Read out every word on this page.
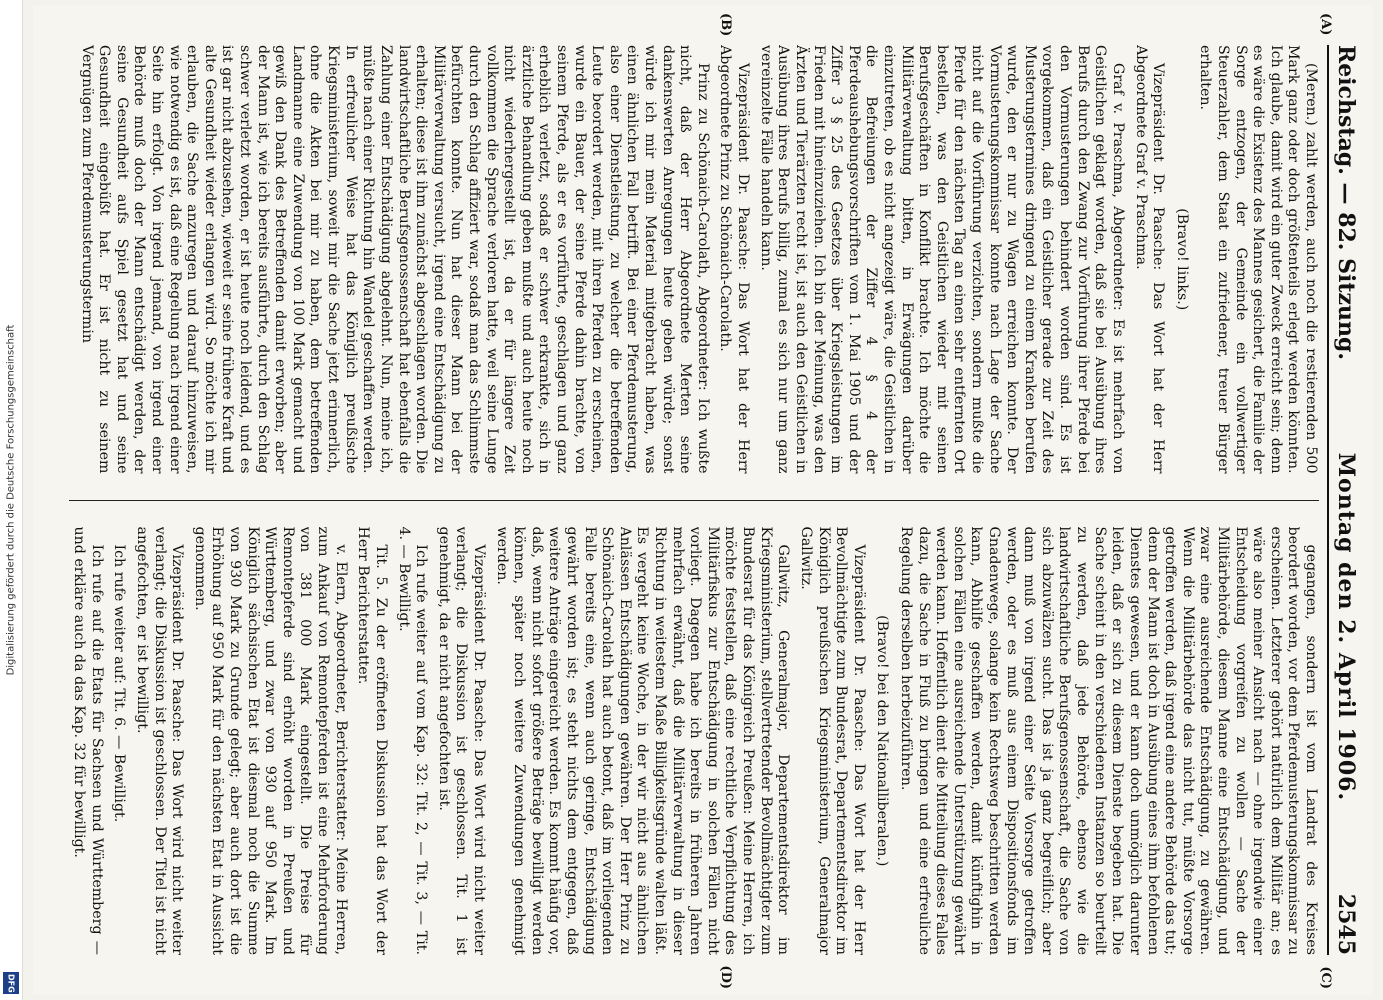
Digitalisierung gefördert durch die Deutsche Forschungsgemeinschaft
DFG
Reichstag. — 82. Sitzung.
Montag den 2. April 1906.
2545

(Meren.) zahlt werden, auch noch die restierenden 500 Mark ganz oder doch größtenteils erlegt werden könnten. Ich glaube, damit wird ein guter Zweck erreicht sein; denn es wäre die Existenz des Mannes gesichert, die Familie der Sorge entzogen, der Gemeinde ein vollwertiger Steuerzahler, dem Staat ein zufriedener, treuer Bürger erhalten.

(Bravo! links.)

Vizepräsident Dr. Paasche: Das Wort hat der Herr Abgeordnete Graf v. Praschma.

Graf v. Praschma, Abgeordneter: Es ist mehrfach von Geistlichen geklagt worden, daß sie bei Ausübung ihres Berufs durch den Zwang zur Vorführung ihrer Pferde bei den Vormusterungen behindert worden sind. Es ist vorgekommen, daß ein Geistlicher gerade zur Zeit des Musterungstermines dringend zu einem Kranken berufen wurde, den er nur zu Wagen erreichen konnte. Der Vormusterungskommissar konnte nach Lage der Sache nicht auf die Vorführung verzichten, sondern mußte die Pferde für den nächsten Tag an einen sehr entfernten Ort bestellen, was den Geistlichen wieder mit seinen Berufsgeschäften in Konflikt brachte. Ich möchte die Militärverwaltung bitten, in Erwägungen darüber einzutreten, ob es nicht angezeigt wäre, die Geistlichen in die Befreiungen der Ziffer 4 § 4 der Pferdeaushebungsvorschriften vom 1. Mai 1905 und der Ziffer 3 § 25 des Gesetzes über Kriegsleistungen im Frieden mit hineinzuziehen. Ich bin der Meinung, was den Ärzten und Tierärzten recht ist, ist auch den Geistlichen in Ausübung ihres Berufs billig, zumal es sich nur um ganz vereinzelte Fälle handeln kann.

Vizepräsident Dr. Paasche: Das Wort hat der Herr Abgeordnete Prinz zu Schönaich-Carolath.

Prinz zu Schönaich-Carolath, Abgeordneter: Ich wußte nicht, daß der Herr Abgeordnete Merten seine dankenswerten Anregungen heute geben würde; sonst würde ich mir mein Material mitgebracht haben, was einen ähnlichen Fall betrifft. Bei einer Pferdemusterung, also einer Dienstleistung, zu welcher die betreffenden Leute beordert werden, mit ihren Pferden zu erscheinen, wurde ein Bauer, der seine Pferde dahin brachte, von seinem Pferde, als er es vorführte, geschlagen und ganz erheblich verletzt, sodaß er schwer erkrankte, sich in ärztliche Behandlung geben mußte und auch heute noch nicht wiederhergestellt ist, da er für längere Zeit vollkommen die Sprache verloren hatte, weil seine Lunge durch den Schlag affiziert war, sodaß man das Schlimmste befürchten konnte. Nun hat dieser Mann bei der Militärverwaltung versucht, irgend eine Entschädigung zu erhalten; diese ist ihm zunächst abgeschlagen worden. Die landwirtschaftliche Berufsgenossenschaft hat ebenfalls die Zahlung einer Entschädigung abgelehnt. Nun, meine ich, müßte nach einer Richtung hin Wandel geschaffen werden. In erfreulicher Weise hat das Königlich preußische Kriegsministerium, soweit mir die Sache jetzt erinnerlich, ohne die Akten bei mir zu haben, dem betreffenden Landmanne eine Zuwendung von 100 Mark gemacht und gewiß den Dank des Betreffenden damit erworben; aber der Mann ist, wie ich bereits ausführte, durch den Schlag schwer verletzt worden, er ist heute noch leidend, und es ist gar nicht abzusehen, wieweit er seine frühere Kraft und alte Gesundheit wieder erlangen wird. So möchte ich mir erlauben, die Sache anzuregen und darauf hinzuweisen, wie notwendig es ist, daß eine Regelung nach irgend einer Seite hin erfolgt. Von irgend jemand, von irgend einer Behörde muß doch der Mann entschädigt werden, der seine Gesundheit aufs Spiel gesetzt hat und seine Gesundheit eingebüßt hat. Er ist nicht zu seinem Vergnügen zum Pferdemusterungstermin

gegangen, sondern ist vom Landrat des Kreises beordert worden, vor dem Pferdemusterungskommissar zu erscheinen. Letzterer gehört natürlich dem Militär an; es wäre also meiner Ansicht nach — ohne irgendwie einer Entscheidung vorgreifen zu wollen — Sache der Militärbehörde, diesem Manne eine Entschädigung, und zwar eine ausreichende Entschädigung, zu gewähren. Wenn die Militärbehörde das nicht tut, müßte Vorsorge getroffen werden, daß irgend eine andere Behörde das tut; denn der Mann ist doch in Ausübung eines ihm befohlenen Dienstes gewesen, und er kann doch unmöglich darunter leiden, daß er sich zu diesem Dienste begeben hat. Die Sache scheint in den verschiedenen Instanzen so beurteilt zu werden, daß jede Behörde, ebenso wie die landwirtschaftliche Berufsgenossenschaft, die Sache von sich abzuwälzen sucht. Das ist ja ganz begreiflich; aber dann muß von irgend einer Seite Vorsorge getroffen werden, oder es muß aus einem Dispositionsfonds im Gnadenwege, solange kein Rechtsweg beschritten werden kann, Abhilfe geschaffen werden, damit künftighin in solchen Fällen eine ausreichende Unterstützung gewährt werden kann. Hoffentlich dient die Mitteilung dieses Falles dazu, die Sache in Fluß zu bringen und eine erfreuliche Regelung derselben herbeizuführen.

(Bravo! bei den Nationalliberalen.)

Vizepräsident Dr. Paasche: Das Wort hat der Herr Bevollmächtigte zum Bundesrat, Departementsdirektor im Königlich preußischen Kriegsministerium, Generalmajor Gallwitz.

Gallwitz, Generalmajor, Departementsdirektor im Kriegsministerium, stellvertretender Bevollmächtigter zum Bundesrat für das Königreich Preußen: Meine Herren, ich möchte feststellen, daß eine rechtliche Verpflichtung des Militärfiskus zur Entschädigung in solchen Fällen nicht vorliegt. Dagegen habe ich bereits in früheren Jahren mehrfach erwähnt, daß die Militärverwaltung in dieser Richtung in weitestem Maße Billigkeitsgründe walten läßt. Es vergeht keine Woche, in der wir nicht aus ähnlichen Anlässen Entschädigungen gewähren. Der Herr Prinz zu Schönaich-Carolath hat auch betont, daß im vorliegenden Falle bereits eine, wenn auch geringe, Entschädigung gewährt worden ist; es steht nichts dem entgegen, daß weitere Anträge eingereicht werden. Es kommt häufig vor, daß, wenn nicht sofort größere Beträge bewilligt werden können, später noch weitere Zuwendungen genehmigt werden.

Vizepräsident Dr. Paasche: Das Wort wird nicht weiter verlangt; die Diskussion ist geschlossen. Tit. 1 ist genehmigt, da er nicht angefochten ist.

Ich rufe weiter auf vom Kap. 32: Tit. 2, — Tit. 3, — Tit. 4. — Bewilligt.

Tit. 5. Zu der eröffneten Diskussion hat das Wort der Herr Berichterstatter.

v. Elern, Abgeordneter, Berichterstatter: Meine Herren, zum Ankauf von Remontepferden ist eine Mehrforderung von 381 000 Mark eingestellt. Die Preise für Remontepferde sind erhöht worden in Preußen und Württemberg, und zwar von 930 auf 950 Mark. Im Königlich sächsischen Etat ist diesmal noch die Summe von 930 Mark zu Grunde gelegt; aber auch dort ist die Erhöhung auf 950 Mark für den nächsten Etat in Aussicht genommen.

Vizepräsident Dr. Paasche: Das Wort wird nicht weiter verlangt; die Diskussion ist geschlossen. Der Titel ist nicht angefochten, er ist bewilligt.

Ich rufe weiter auf: Tit. 6. — Bewilligt.

Ich rufe auf die Etats für Sachsen und Württemberg — und erkläre auch da das Kap. 32 für bewilligt.

(A)
(B)
(C)
(D)
